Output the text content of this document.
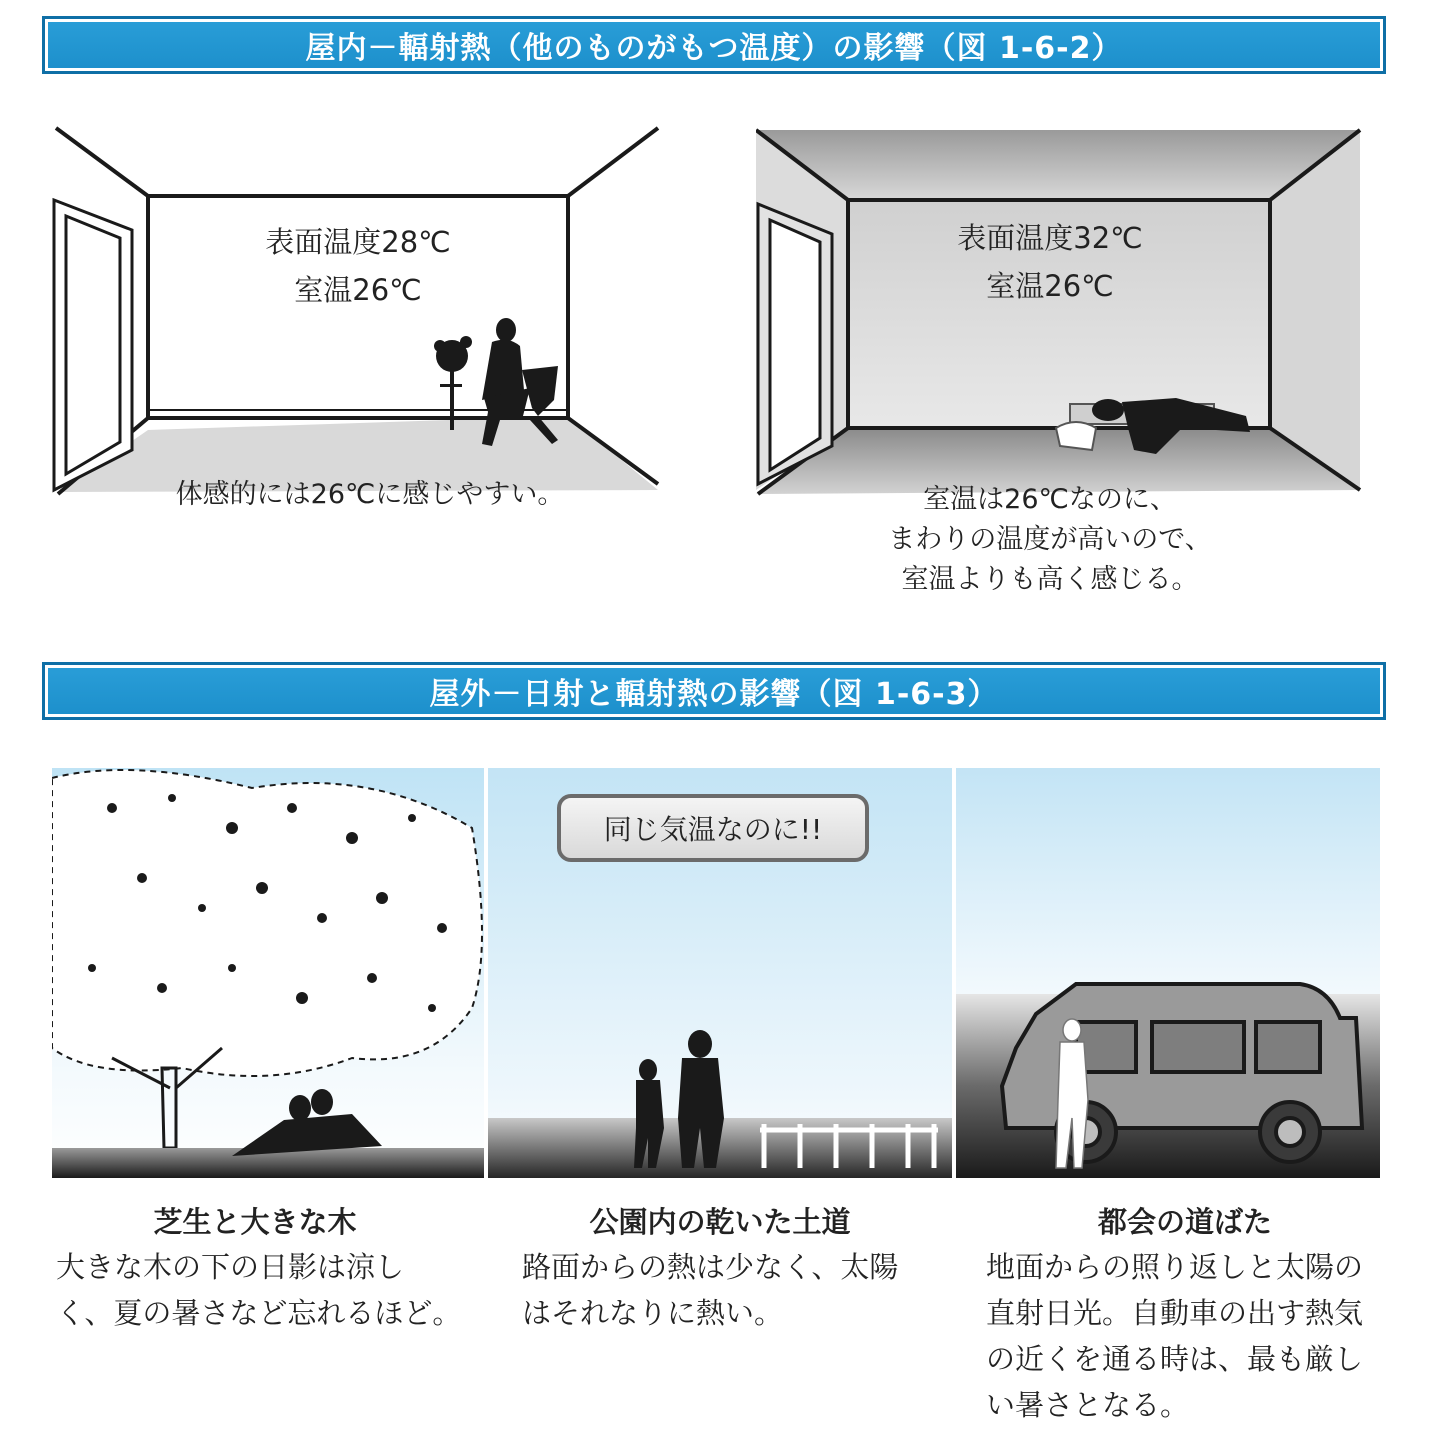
屋内－輻射熱（他のものがもつ温度）の影響（図 1-6-2）
表面温度28℃
室温26℃
体感的には26℃に感じやすい。
表面温度32℃
室温26℃
室温は26℃なのに、
まわりの温度が高いので、
室温よりも高く感じる。
屋外－日射と輻射熱の影響（図 1-6-3）
同じ気温なのに!!
芝生と大きな木
大きな木の下の日影は涼し
く、夏の暑さなど忘れるほど。
公園内の乾いた土道
路面からの熱は少なく、太陽
はそれなりに熱い。
都会の道ばた
地面からの照り返しと太陽の
直射日光。自動車の出す熱気
の近くを通る時は、最も厳し
い暑さとなる。
